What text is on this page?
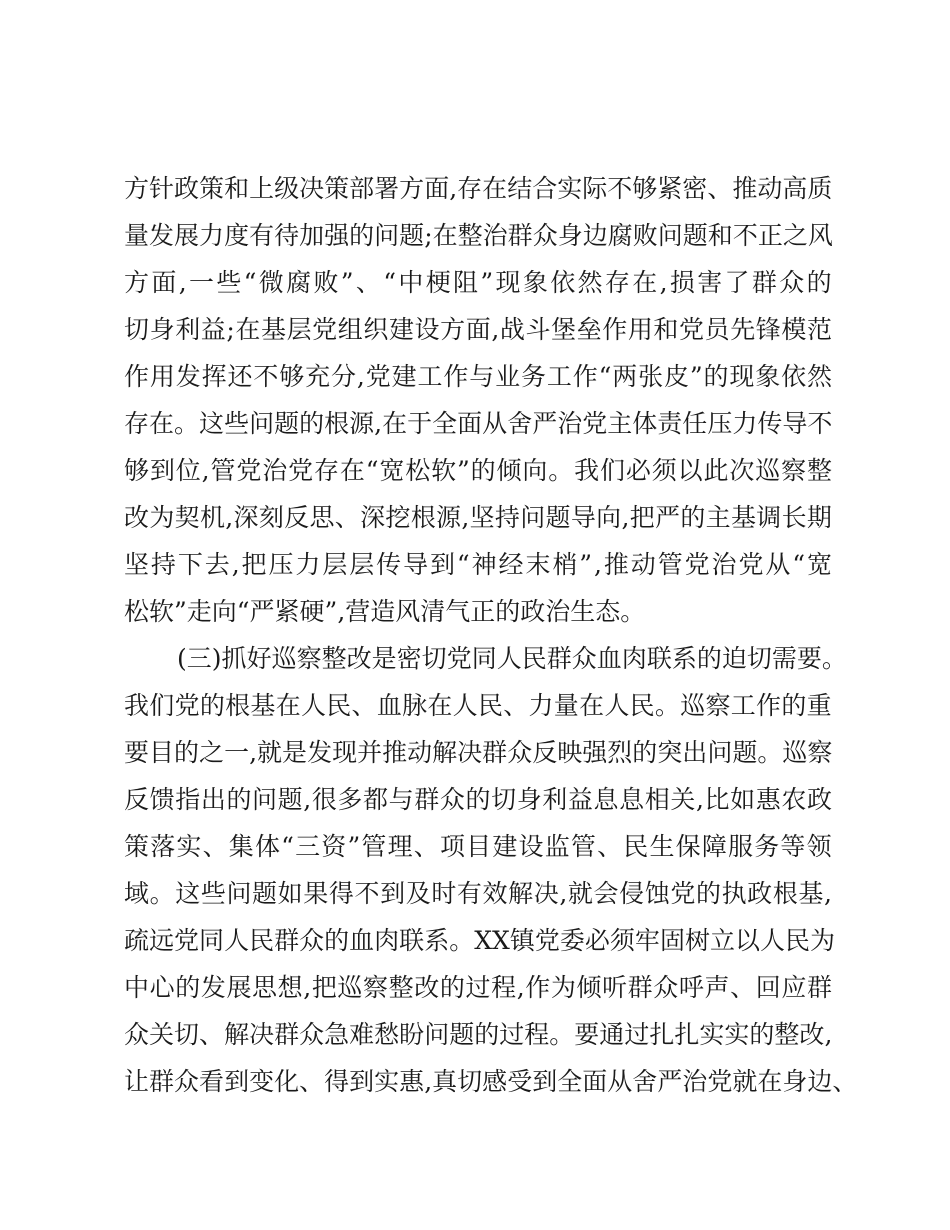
方 针 政 策 和 上 级 决 策 部 署 方 面 , 存 在 结 合 实 际 不 够 紧 密 、 推 动 高 质
量 发 展 力 度 有 待 加 强 的 问 题 ; 在 整 治 群 众 身 边 腐 败 问 题 和 不 正 之 风
方 面 , 一 些 “ 微 腐 败 ” 、 “ 中 梗 阻 ” 现 象 依 然 存 在 , 损 害 了 群 众 的
切 身 利 益 ; 在 基 层 党 组 织 建 设 方 面 , 战 斗 堡 垒 作 用 和 党 员 先 锋 模 范
作 用 发 挥 还 不 够 充 分 , 党 建 工 作 与 业 务 工 作 “ 两 张 皮 ” 的 现 象 依 然
存 在 。 这 些 问 题 的 根 源 , 在 于 全 面 从 舍 严 治 党 主 体 责 任 压 力 传 导 不
够 到 位 , 管 党 治 党 存 在 “ 宽 松 软 ” 的 倾 向 。 我 们 必 须 以 此 次 巡 察 整
改 为 契 机 , 深 刻 反 思 、 深 挖 根 源 , 坚 持 问 题 导 向 , 把 严 的 主 基 调 长 期
坚 持 下 去 , 把 压 力 层 层 传 导 到 “ 神 经 末 梢 ” , 推 动 管 党 治 党 从 “ 宽
松软”走向“严紧硬”,营造风清气正的政治生态。
( 三 ) 抓 好 巡 察 整 改 是 密 切 党 同 人 民 群 众 血 肉 联 系 的 迫 切 需 要 。
我 们 党 的 根 基 在 人 民 、 血 脉 在 人 民 、 力 量 在 人 民 。 巡 察 工 作 的 重
要 目 的 之 一 , 就 是 发 现 并 推 动 解 决 群 众 反 映 强 烈 的 突 出 问 题 。 巡 察
反 馈 指 出 的 问 题 , 很 多 都 与 群 众 的 切 身 利 益 息 息 相 关 , 比 如 惠 农 政
策 落 实 、 集 体 “ 三 资 ” 管 理 、 项 目 建 设 监 管 、 民 生 保 障 服 务 等 领
域 。 这 些 问 题 如 果 得 不 到 及 时 有 效 解 决 , 就 会 侵 蚀 党 的 执 政 根 基 ,
疏 远 党 同 人 民 群 众 的 血 肉 联 系 。 X X 镇 党 委 必 须 牢 固 树 立 以 人 民 为
中 心 的 发 展 思 想 , 把 巡 察 整 改 的 过 程 , 作 为 倾 听 群 众 呼 声 、 回 应 群
众 关 切 、 解 决 群 众 急 难 愁 盼 问 题 的 过 程 。 要 通 过 扎 扎 实 实 的 整 改 ,
让 群 众 看 到 变 化 、 得 到 实 惠 , 真 切 感 受 到 全 面 从 舍 严 治 党 就 在 身 边 、
